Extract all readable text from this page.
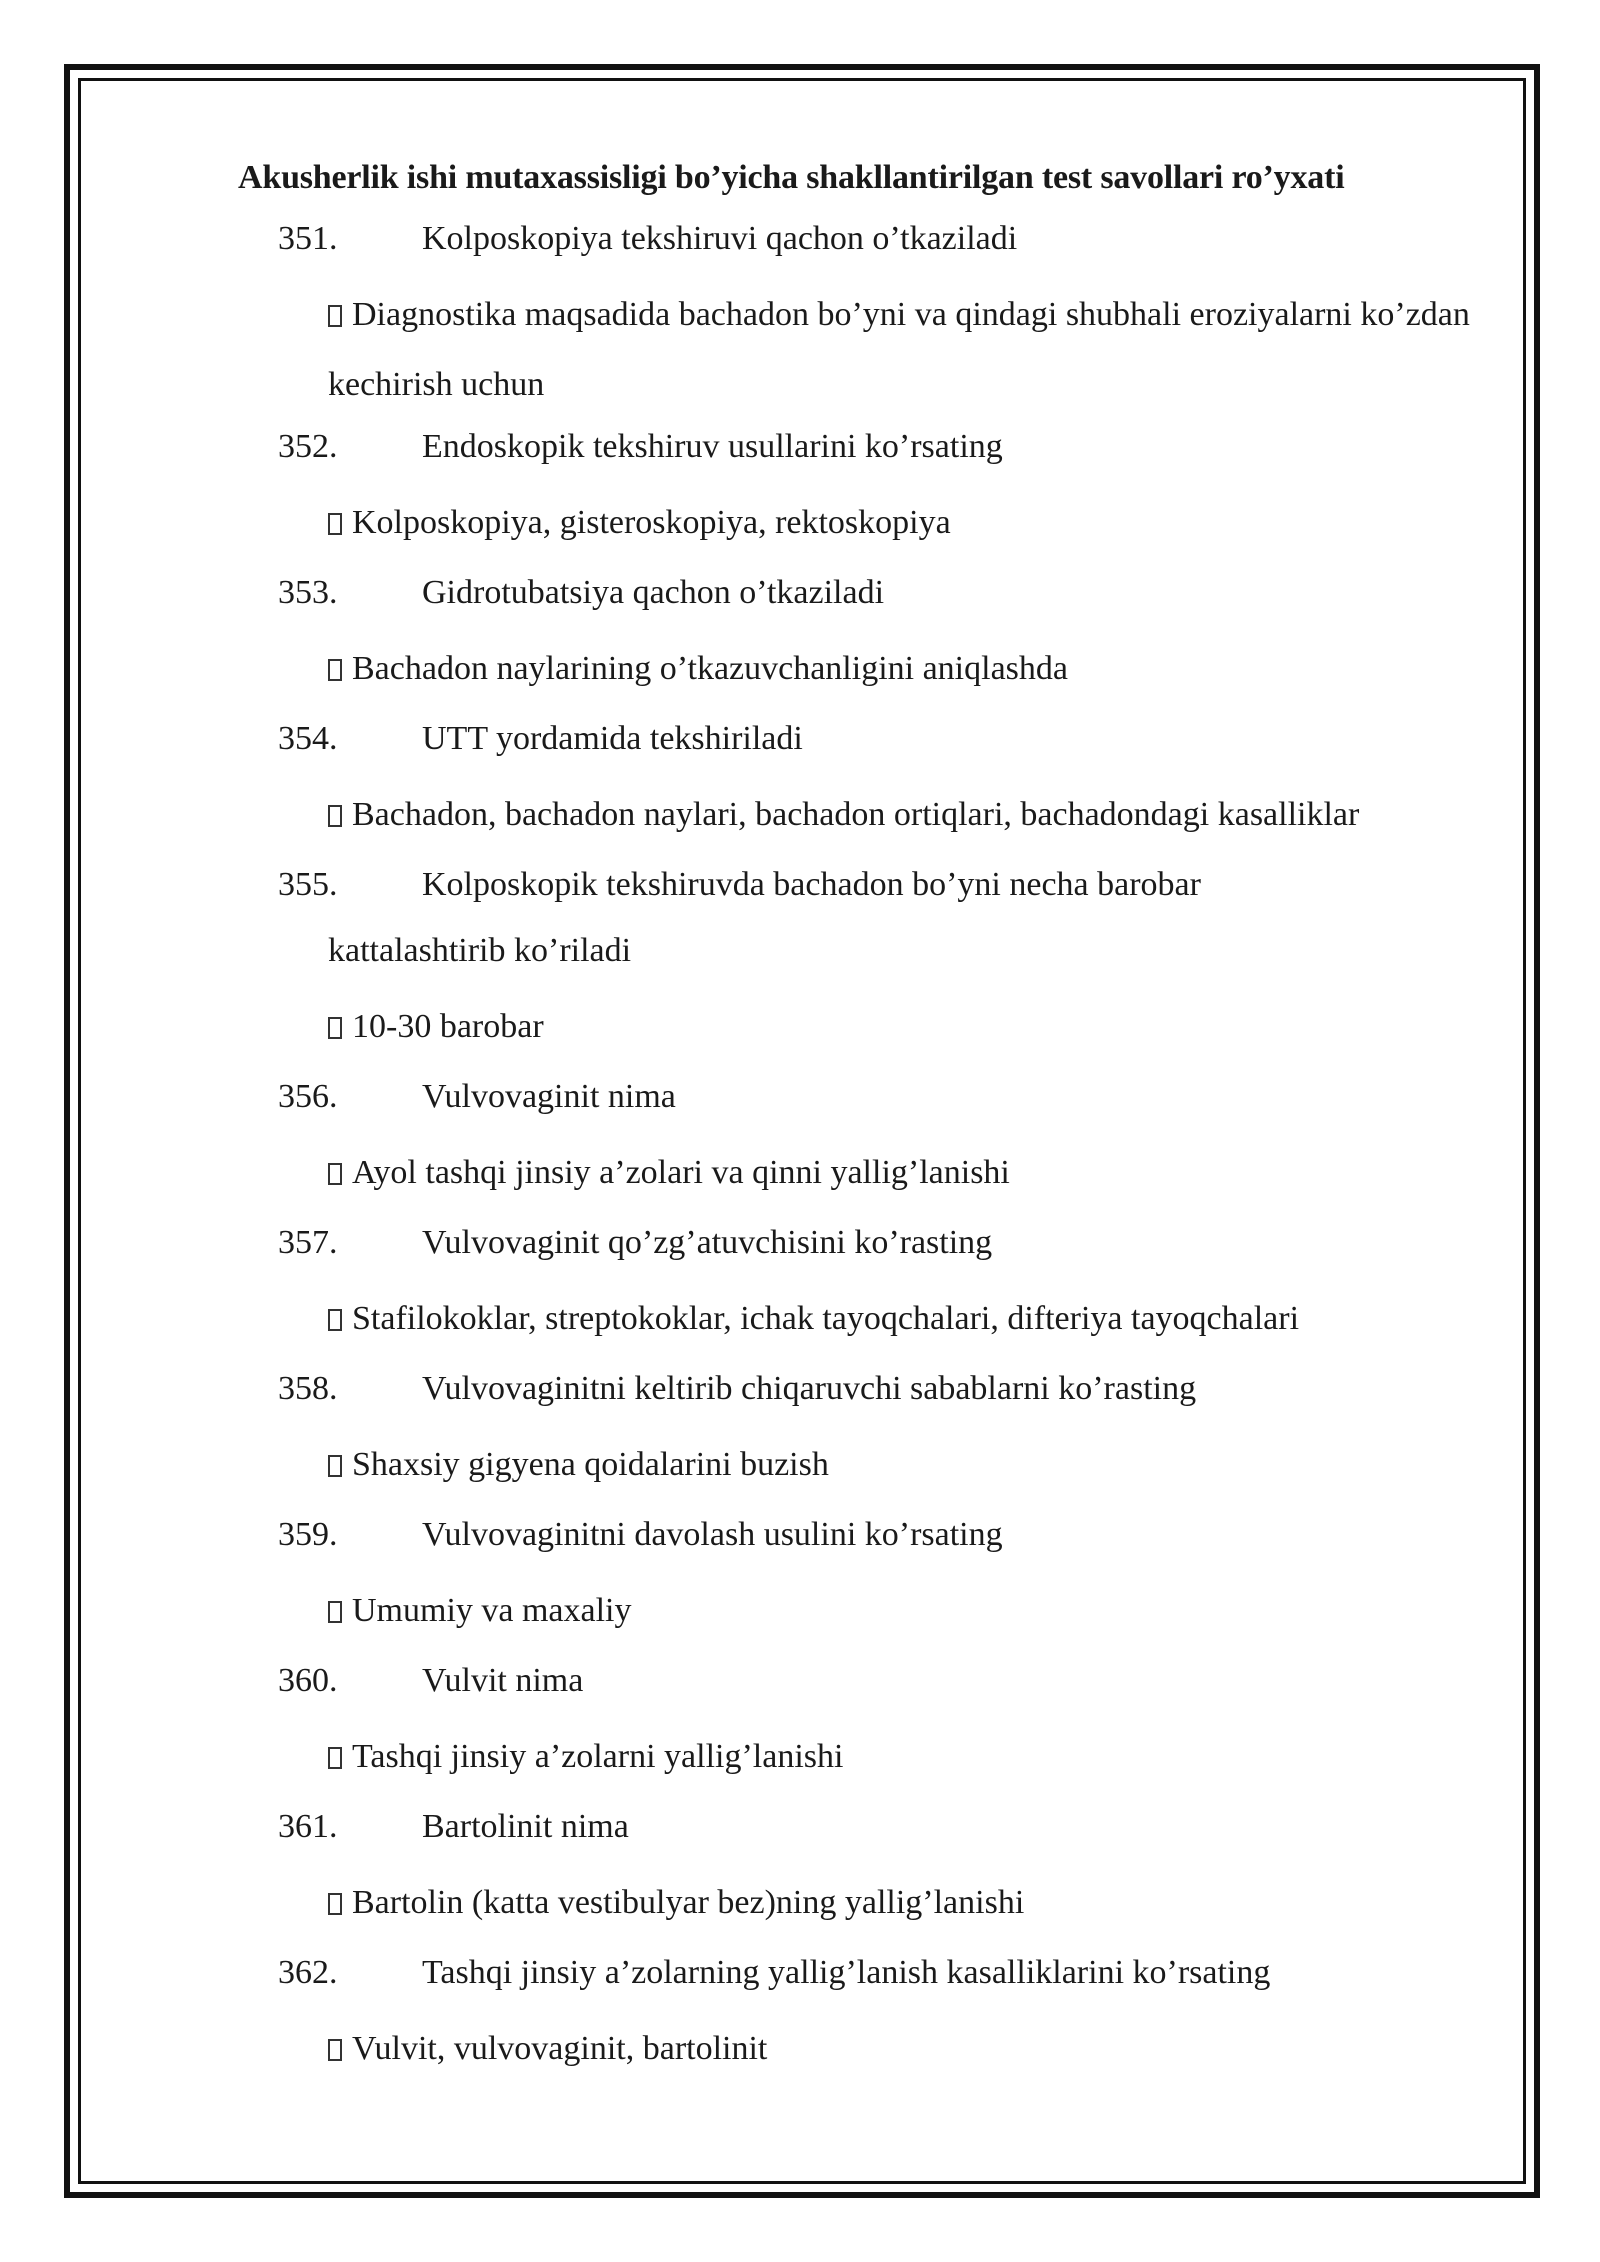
Akusherlik ishi mutaxassisligi bo’yicha shakllantirilgan test savollari ro’yxati
351. Kolposkopiya tekshiruvi qachon o’tkaziladi
Diagnostika maqsadida bachadon bo’yni va qindagi shubhali eroziyalarni ko’zdan kechirish uchun
352. Endoskopik tekshiruv usullarini ko’rsating
Kolposkopiya, gisteroskopiya, rektoskopiya
353. Gidrotubatsiya qachon o’tkaziladi
Bachadon naylarining o’tkazuvchanligini aniqlashda
354. UTT yordamida tekshiriladi
Bachadon, bachadon naylari, bachadon ortiqlari, bachadondagi kasalliklar
355.	Kolposkopik tekshiruvda bachadon bo’yni necha barobar kattalashtirib ko’riladi
10-30 barobar
356. Vulvovaginit nima
Ayol tashqi jinsiy a’zolari va qinni yallig’lanishi
357. Vulvovaginit qo’zg’atuvchisini ko’rasting
Stafilokoklar, streptokoklar, ichak tayoqchalari, difteriya tayoqchalari
358. Vulvovaginitni keltirib chiqaruvchi sabablarni ko’rasting
Shaxsiy gigyena qoidalarini buzish
359. Vulvovaginitni davolash usulini ko’rsating
Umumiy va maxaliy
360. Vulvit nima
Tashqi jinsiy a’zolarni yallig’lanishi
361. Bartolinit nima
Bartolin (katta vestibulyar bez)ning yallig’lanishi
362. Tashqi jinsiy a’zolarning yallig’lanish kasalliklarini ko’rsating
Vulvit, vulvovaginit, bartolinit
